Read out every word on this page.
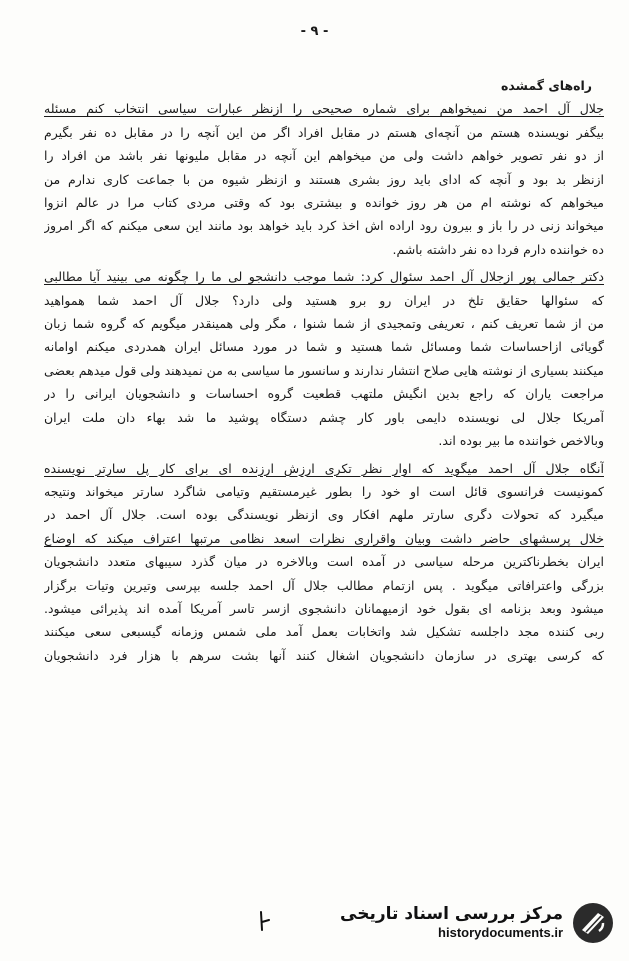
- ٩ -
راه‌های گمشده
جلال آل احمد من نمیخواهم برای شماره صحیحی را ازنظر عبارات سیاسی انتخاب کنم مسئله
بیگفر نویسنده هستم من آنچه‌ای هستم در مقابل افراد اگر من این آنچه را در مقابل ده نفر بگیرم
از دو نفر تصویر خواهم داشت ولی من میخواهم این آنچه در مقابل ملیونها نفر باشد من افراد را
ازنظر بد بود و آنچه که ادای باید روز بشری هستند و ازنظر شیوه من با جماعت کاری ندارم من
میخواهم که نوشته ام من هر روز خوانده و بیشتری بود که وقتی مردی کتاب مرا در عالم انزوا
میخواند زنی در را باز و بیرون رود اراده اش اخذ کرد باید خواهد بود مانند این سعی میکنم که اگر امروز
ده خواننده دارم فردا ده نفر داشته باشم.
دکتر جمالی پور ازجلال آل احمد سئوال کرد: شما موجب دانشجو لی ما را چگونه می بینید آیا مطالبی
که سئوالها حقایق تلخ در ایران رو برو هستید ولی دارد؟ جلال آل احمد شما همواهید
من از شما تعریف کنم ، تعریفی وتمجیدی از شما شنوا ، مگر ولی همینقدر میگویم که گروه شما زبان
گویائی ازاحساسات شما ومسائل شما هستید و شما در مورد مسائل ایران همدردی میکنم اوامانه
میکنند بسیاری از نوشته هایی صلاح انتشار ندارند و سانسور ما سیاسی به من نمیدهند ولی قول میدهم بعضی
مراجعت یاران که راجع بدین انگیش ملتهب قطعیت گروه احساسات و دانشجویان ایرانی را در
آمریکا جلال لی نویسنده دایمی باور کار چشم دستگاه پوشید ما شد بهاء دان ملت ایران
وبالاخص خواننده ما بیر بوده اند.
آنگاه جلال آل احمد میگوید که اوار نظر تکری ارزش ارزنده ای برای کار پل سارتر نویسنده
کمونیست فرانسوی قائل است او خود را بطور غیرمستقیم وتیامی شاگرد سارتر میخواند ونتیجه
میگیرد که تحولات دگری سارتر ملهم افکار وی ازنظر نویسندگی بوده است. جلال آل احمد در
خلال پرسشهای حاضر داشت وبیان واقراری نظرات اسعد نظامی مرتبها اعتراف میکند که اوضاع
ایران بخطرناکترین مرحله سیاسی در آمده است وبالاخره در میان گذرد سیبهای متعدد دانشجویان
بزرگی واعترافاتی میگوید . پس ازتمام مطالب جلال آل احمد جلسه بپرسی وتیرین وتیات برگزار
میشود وبعد بزنامه ای بقول خود ازمیهمانان دانشجوی ازسر تاسر آمریکا آمده اند پذیرائی میشود.
ربی کننده مجد داجلسه تشکیل شد واتخابات بعمل آمد ملی شمس وزمانه گیسبعی سعی میکنند
که کرسی بهتری در سازمان دانشجویان اشغال کنند آنها بشت سرهم با هزار فرد دانشجویان
مرکز بررسی اسناد تاریخی
historydocuments.ir
